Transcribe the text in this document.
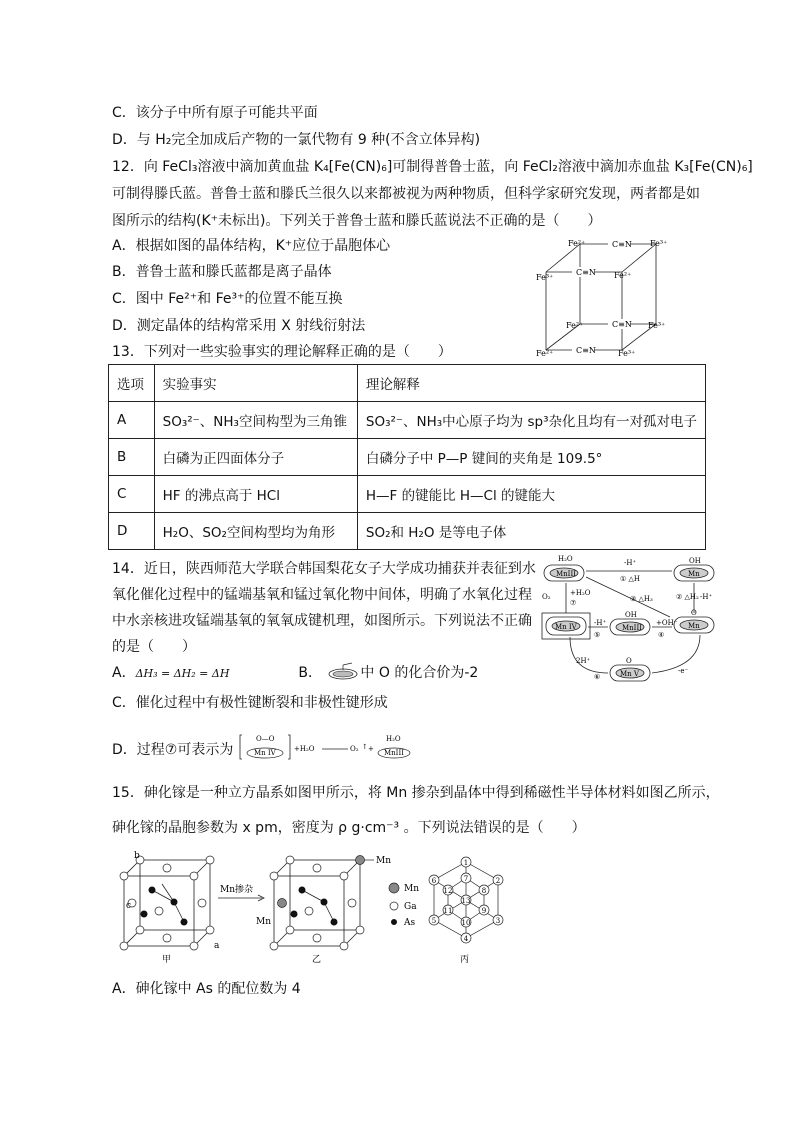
C．该分子中所有原子可能共平面
D．与 H₂完全加成后产物的一氯代物有 9 种(不含立体异构)
12．向 FeCl₃溶液中滴加黄血盐 K₄[Fe(CN)₆]可制得普鲁士蓝，向 FeCl₂溶液中滴加赤血盐 K₃[Fe(CN)₆]
可制得滕氏蓝。普鲁士蓝和滕氏兰很久以来都被视为两种物质，但科学家研究发现，两者都是如
图所示的结构(K⁺未标出)。下列关于普鲁士蓝和滕氏蓝说法不正确的是（　　）
A．根据如图的晶体结构，K⁺应位于晶胞体心
B．普鲁士蓝和滕氏蓝都是离子晶体
C．图中 Fe²⁺和 Fe³⁺的位置不能互换
D．测定晶体的结构常采用 X 射线衍射法
C≡N
C≡N
C≡N
C≡N
Fe²⁺	Fe³⁺
Fe³⁺	Fe²⁺
Fe²⁺	Fe³⁺
Fe²⁺	Fe³⁺
13．下列对一些实验事实的理论解释正确的是（　　）
选项	实验事实	理论解释
A	SO₃²⁻、NH₃空间构型为三角锥	SO₃²⁻、NH₃中心原子均为 sp³杂化且均有一对孤对电子
B	白磷为正四面体分子	白磷分子中 P—P 键间的夹角是 109.5°
C	HF 的沸点高于 HCl	H—F 的键能比 H—Cl 的键能大
D	H₂O、SO₂空间构型均为角形	SO₂和 H₂O 是等电子体
14．近日，陕西师范大学联合韩国梨花女子大学成功捕获并表征到水
氧化催化过程中的锰端基氧和锰过氧化物中间体，明确了水氧化过程
中水亲核进攻锰端基氧的氧氧成键机理，如图所示。下列说法不正确
的是（　　）
A．ΔH₃ = ΔH₂ = ΔH	B．	中 O 的化合价为-2
H₂O
MnIII
OH
Mn
O
Mn
OH
MnIII
Mn IV
O
Mn V
-H⁺
① △H
③ △H₃	② △H₂ -H⁺
+OH⁻
④
-H⁺
⑤
+H₂O
⑦
O₂
2H⁺
⑥
-e⁻
C．催化过程中有极性键断裂和非极性键形成
D．过程⑦可表示为
O—O
Mn IV	+H₂O	O₂ ↑ +
H₂O
MnIII
15．砷化镓是一种立方晶系如图甲所示，将 Mn 掺杂到晶体中得到稀磁性半导体材料如图乙所示，
砷化镓的晶胞参数为 x pm，密度为 ρ g·cm⁻³ 。下列说法错误的是（　　）
b
c
a
甲
Mn掺杂
Mn
Mn
乙
Mn
Ga
As
1
6	2
7
12	8
13
11	9
5	3
10
4
丙
A．砷化镓中 As 的配位数为 4
